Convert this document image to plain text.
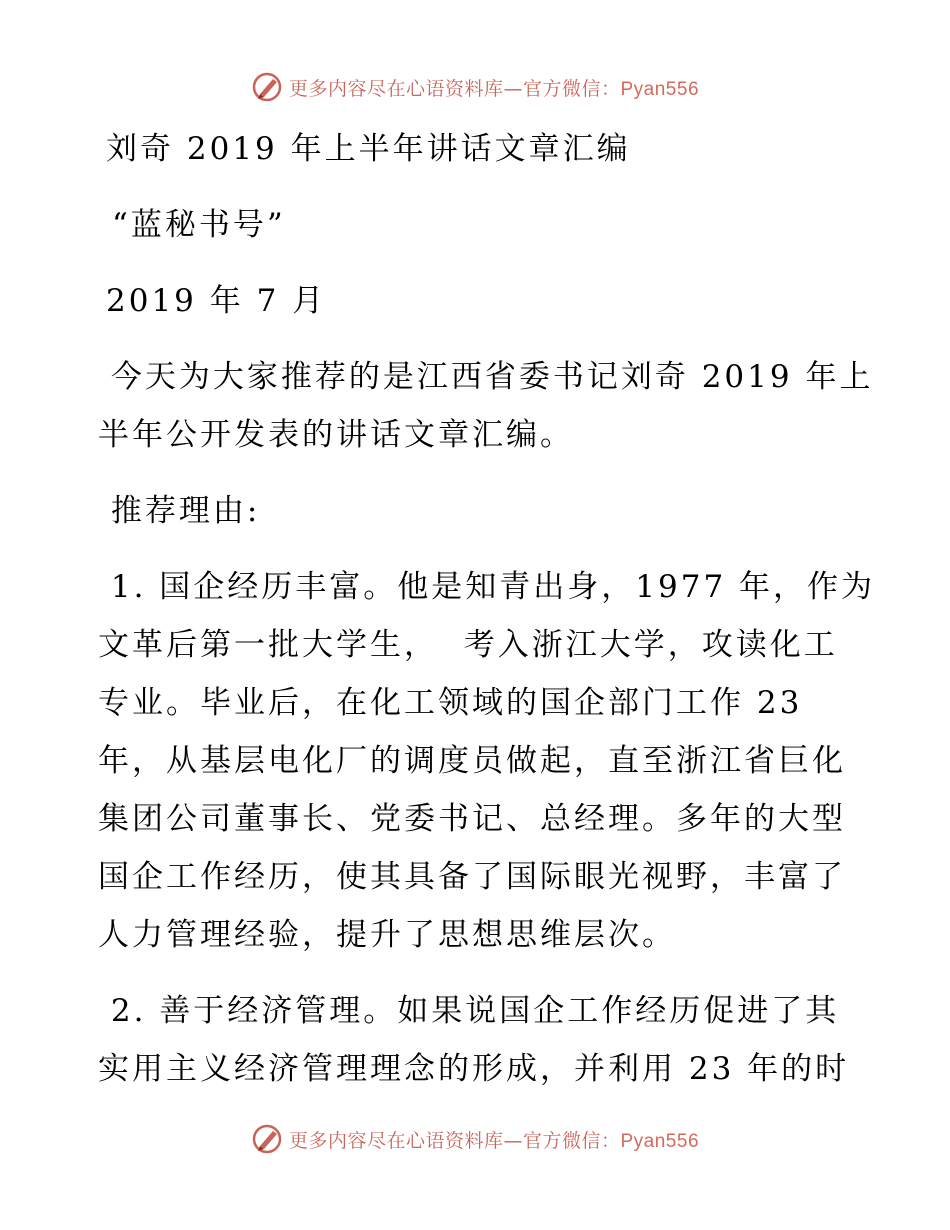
更多内容尽在心语资料库—官方微信：Pyan556
刘奇 2019 年上半年讲话文章汇编
“蓝秘书号”
2019 年 7 月
今天为大家推荐的是江西省委书记刘奇 2019 年上
半年公开发表的讲话文章汇编。
推荐理由:
1. 国企经历丰富。他是知青出身，1977 年，作为
文革后第一批大学生，  考入浙江大学，攻读化工
专业。毕业后，在化工领域的国企部门工作 23
年，从基层电化厂的调度员做起，直至浙江省巨化
集团公司董事长、党委书记、总经理。多年的大型
国企工作经历，使其具备了国际眼光视野，丰富了
人力管理经验，提升了思想思维层次。
2. 善于经济管理。如果说国企工作经历促进了其
实用主义经济管理理念的形成，并利用 23 年的时
更多内容尽在心语资料库—官方微信：Pyan556
